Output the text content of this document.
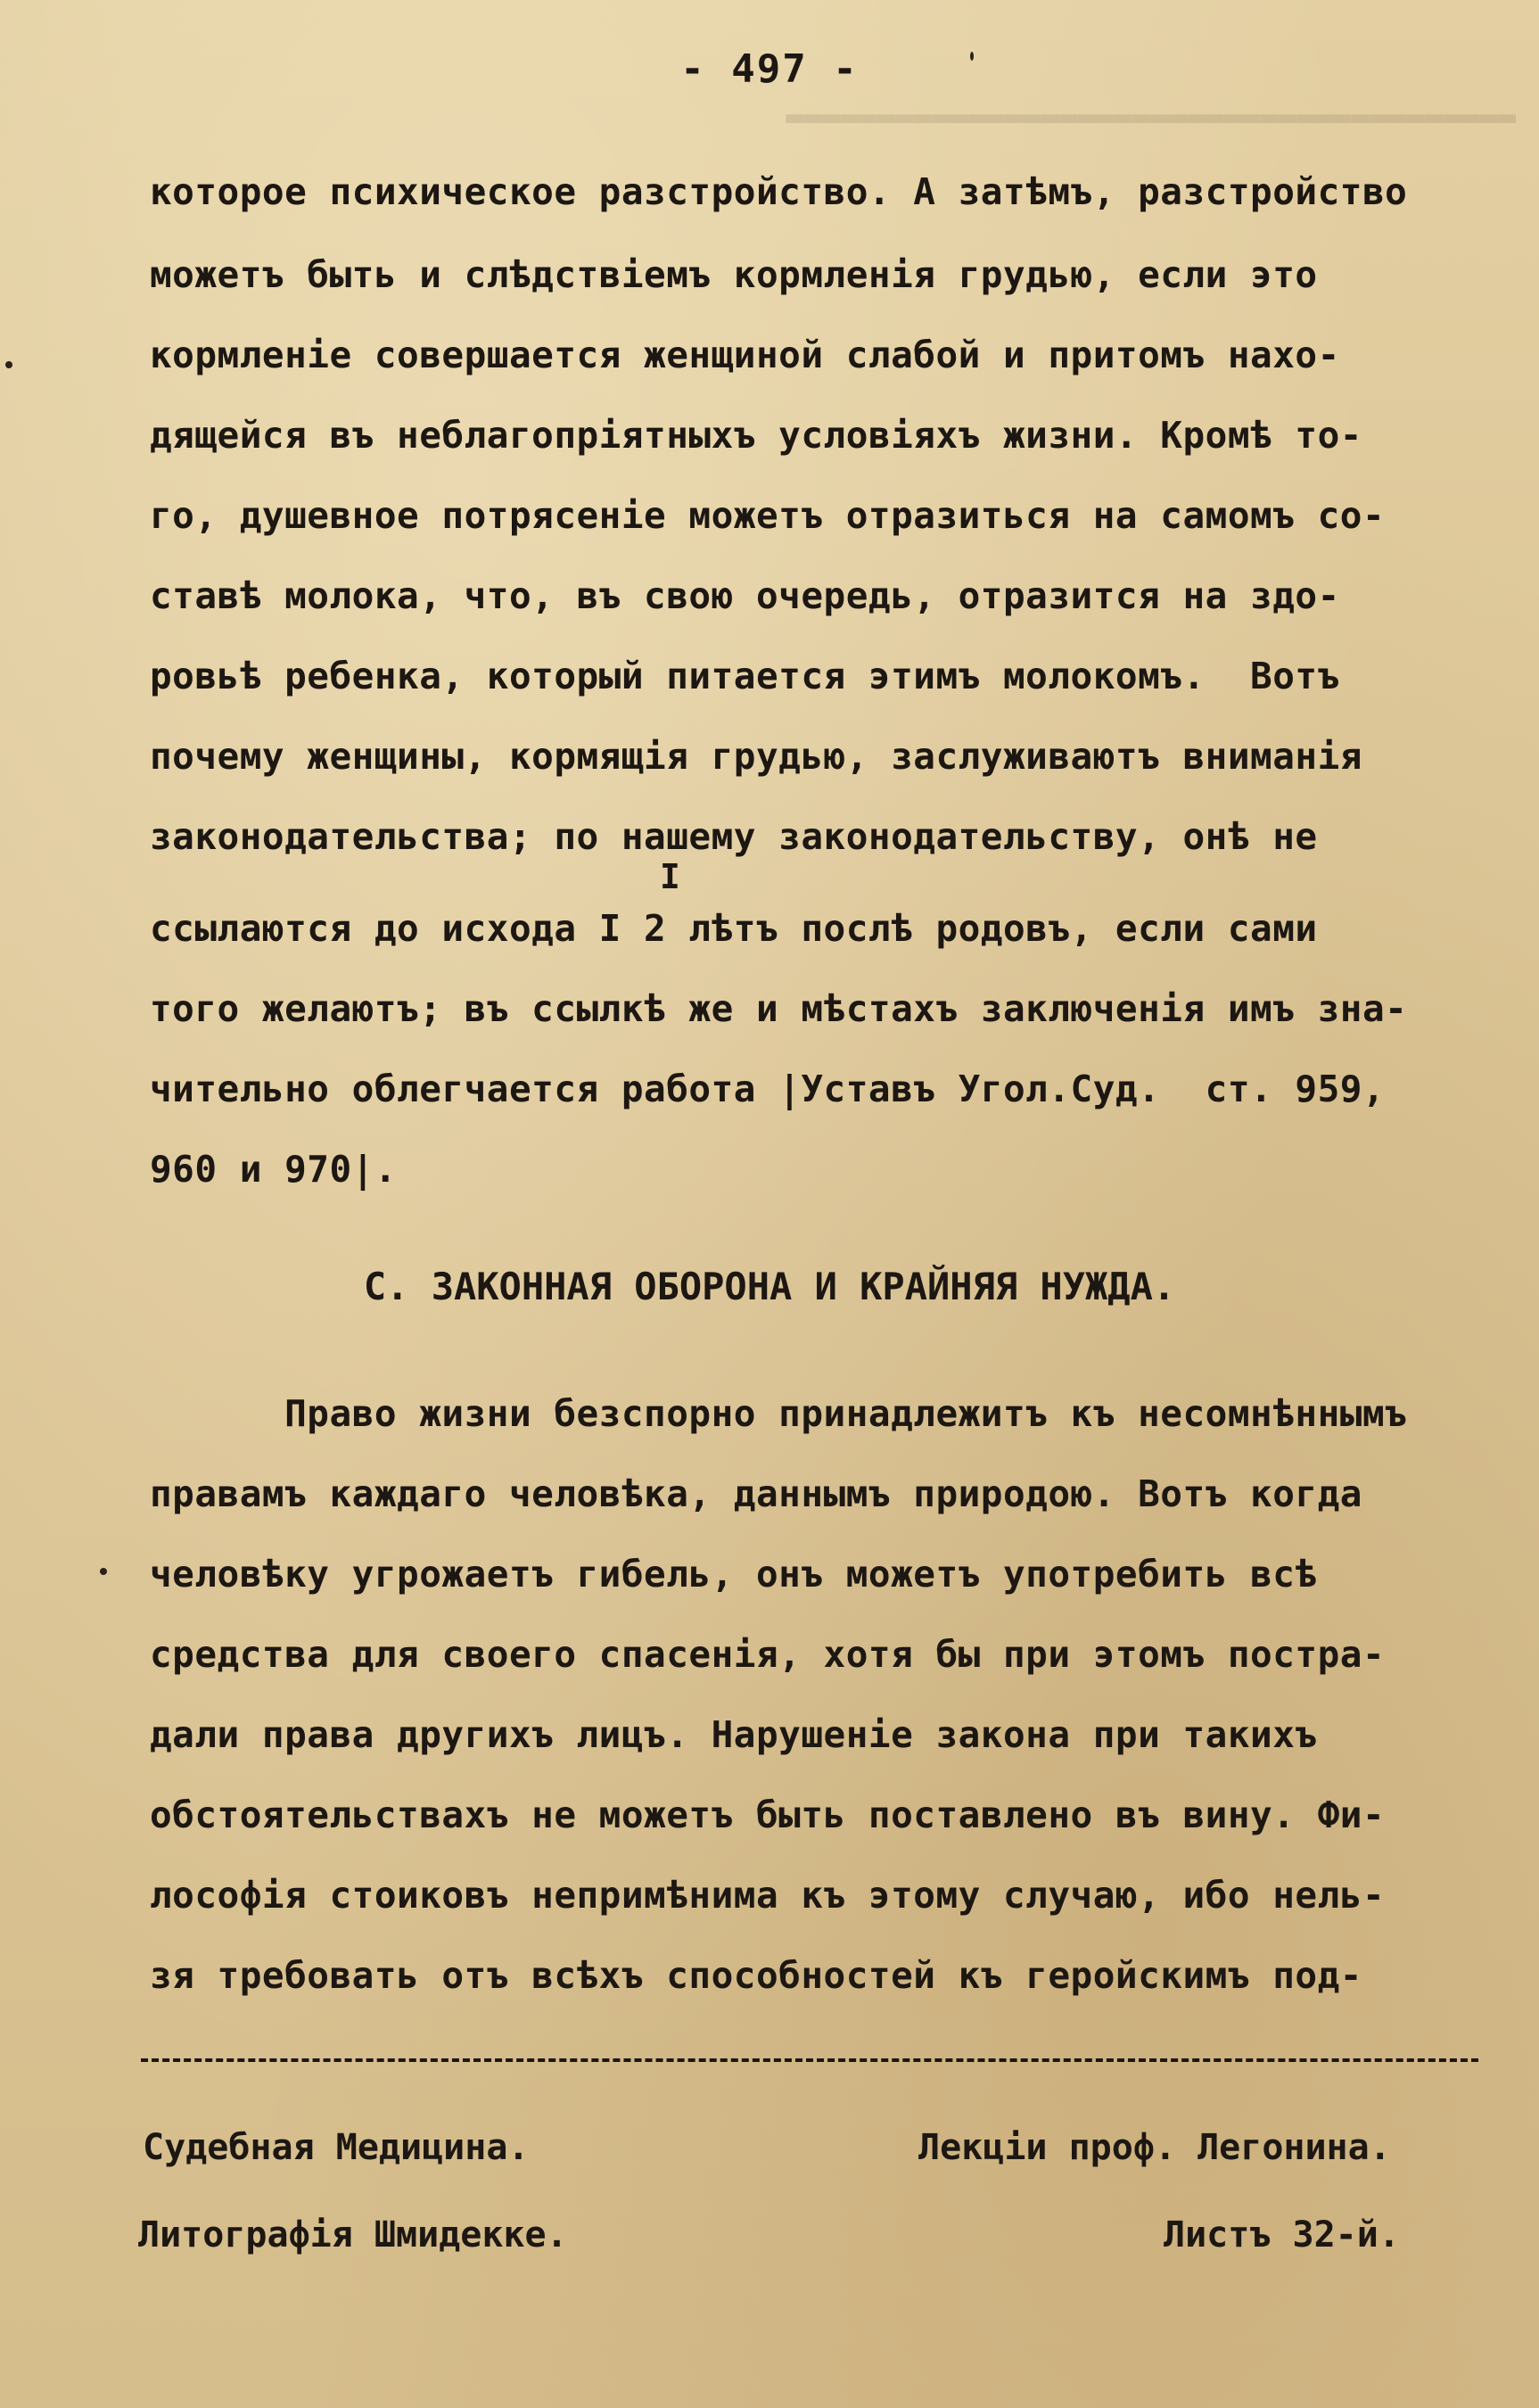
▬▬▬▬▬▬▬▬▬▬▬▬▬▬▬▬▬▬▬▬▬▬▬▬▬▬▬▬▬▬▬▬▬▬▬▬▬▬▬▬
- 497 -
которое психическое разстройство. А затѣмъ, разстройство
можетъ быть и слѣдствіемъ кормленія грудью, если это
кормленіе совершается женщиной слабой и притомъ нахо-
дящейся въ неблагопріятныхъ условіяхъ жизни. Кромѣ то-
го, душевное потрясеніе можетъ отразиться на самомъ со-
ставѣ молока, что, въ свою очередь, отразится на здо-
ровьѣ ребенка, который питается этимъ молокомъ.  Вотъ
почему женщины, кормящія грудью, заслуживаютъ вниманія
законодательства; по нашему законодательству, онѣ не
I
ссылаются до исхода I 2 лѣтъ послѣ родовъ, если сами
того желаютъ; въ ссылкѣ же и мѣстахъ заключенія имъ зна-
чительно облегчается работа |Уставъ Угол.Суд.  ст. 959,
960 и 970|.
C. ЗАКОННАЯ ОБОРОНА И КРАЙНЯЯ НУЖДА.
Право жизни безспорно принадлежитъ къ несомнѣннымъ
правамъ каждаго человѣка, даннымъ природою. Вотъ когда
человѣку угрожаетъ гибель, онъ можетъ употребить всѣ
средства для своего спасенія, хотя бы при этомъ постра-
дали права другихъ лицъ. Нарушеніе закона при такихъ
обстоятельствахъ не можетъ быть поставлено въ вину. Фи-
лософія стоиковъ непримѣнима къ этому случаю, ибо нель-
зя требовать отъ всѣхъ способностей къ геройскимъ под-
Судебная Медицина.	Лекціи проф. Легонина.
Литографія Шмидекке.	Листъ 32-й.
